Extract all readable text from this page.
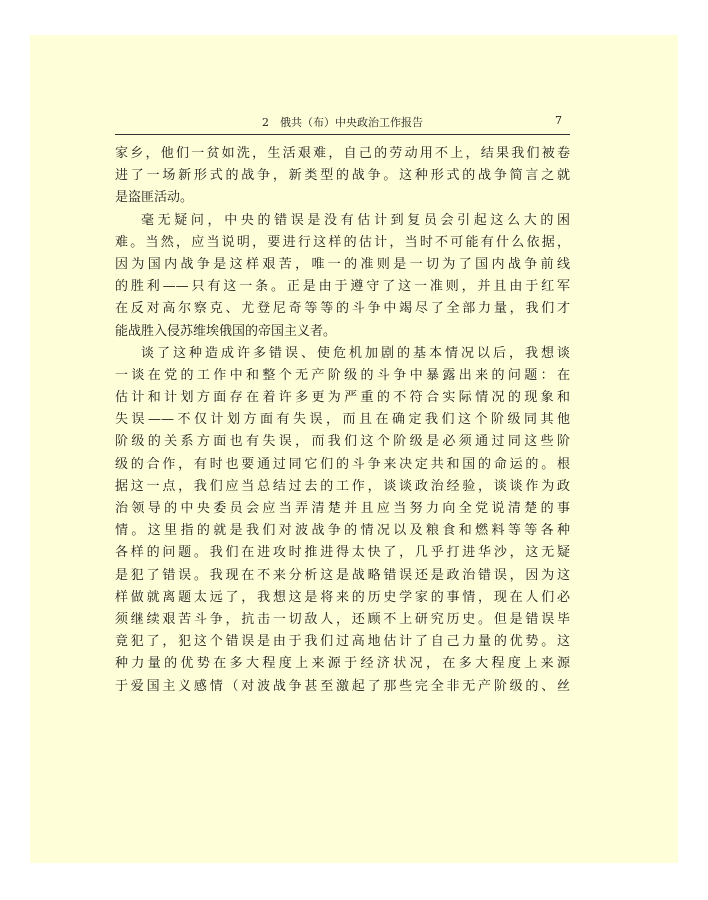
2　俄共（布）中央政治工作报告	7
家乡，他们一贫如洗，生活艰难，自己的劳动用不上，结果我们被卷
进了一场新形式的战争，新类型的战争。这种形式的战争简言之就
是盗匪活动。
毫无疑问，中央的错误是没有估计到复员会引起这么大的困
难。当然，应当说明，要进行这样的估计，当时不可能有什么依据，
因为国内战争是这样艰苦，唯一的准则是一切为了国内战争前线
的胜利——只有这一条。正是由于遵守了这一准则，并且由于红军
在反对高尔察克、尤登尼奇等等的斗争中竭尽了全部力量，我们才
能战胜入侵苏维埃俄国的帝国主义者。
谈了这种造成许多错误、使危机加剧的基本情况以后，我想谈
一谈在党的工作中和整个无产阶级的斗争中暴露出来的问题：在
估计和计划方面存在着许多更为严重的不符合实际情况的现象和
失误——不仅计划方面有失误，而且在确定我们这个阶级同其他
阶级的关系方面也有失误，而我们这个阶级是必须通过同这些阶
级的合作，有时也要通过同它们的斗争来决定共和国的命运的。根
据这一点，我们应当总结过去的工作，谈谈政治经验，谈谈作为政
治领导的中央委员会应当弄清楚并且应当努力向全党说清楚的事
情。这里指的就是我们对波战争的情况以及粮食和燃料等等各种
各样的问题。我们在进攻时推进得太快了，几乎打进华沙，这无疑
是犯了错误。我现在不来分析这是战略错误还是政治错误，因为这
样做就离题太远了，我想这是将来的历史学家的事情，现在人们必
须继续艰苦斗争，抗击一切敌人，还顾不上研究历史。但是错误毕
竟犯了，犯这个错误是由于我们过高地估计了自己力量的优势。这
种力量的优势在多大程度上来源于经济状况，在多大程度上来源
于爱国主义感情（对波战争甚至激起了那些完全非无产阶级的、丝
